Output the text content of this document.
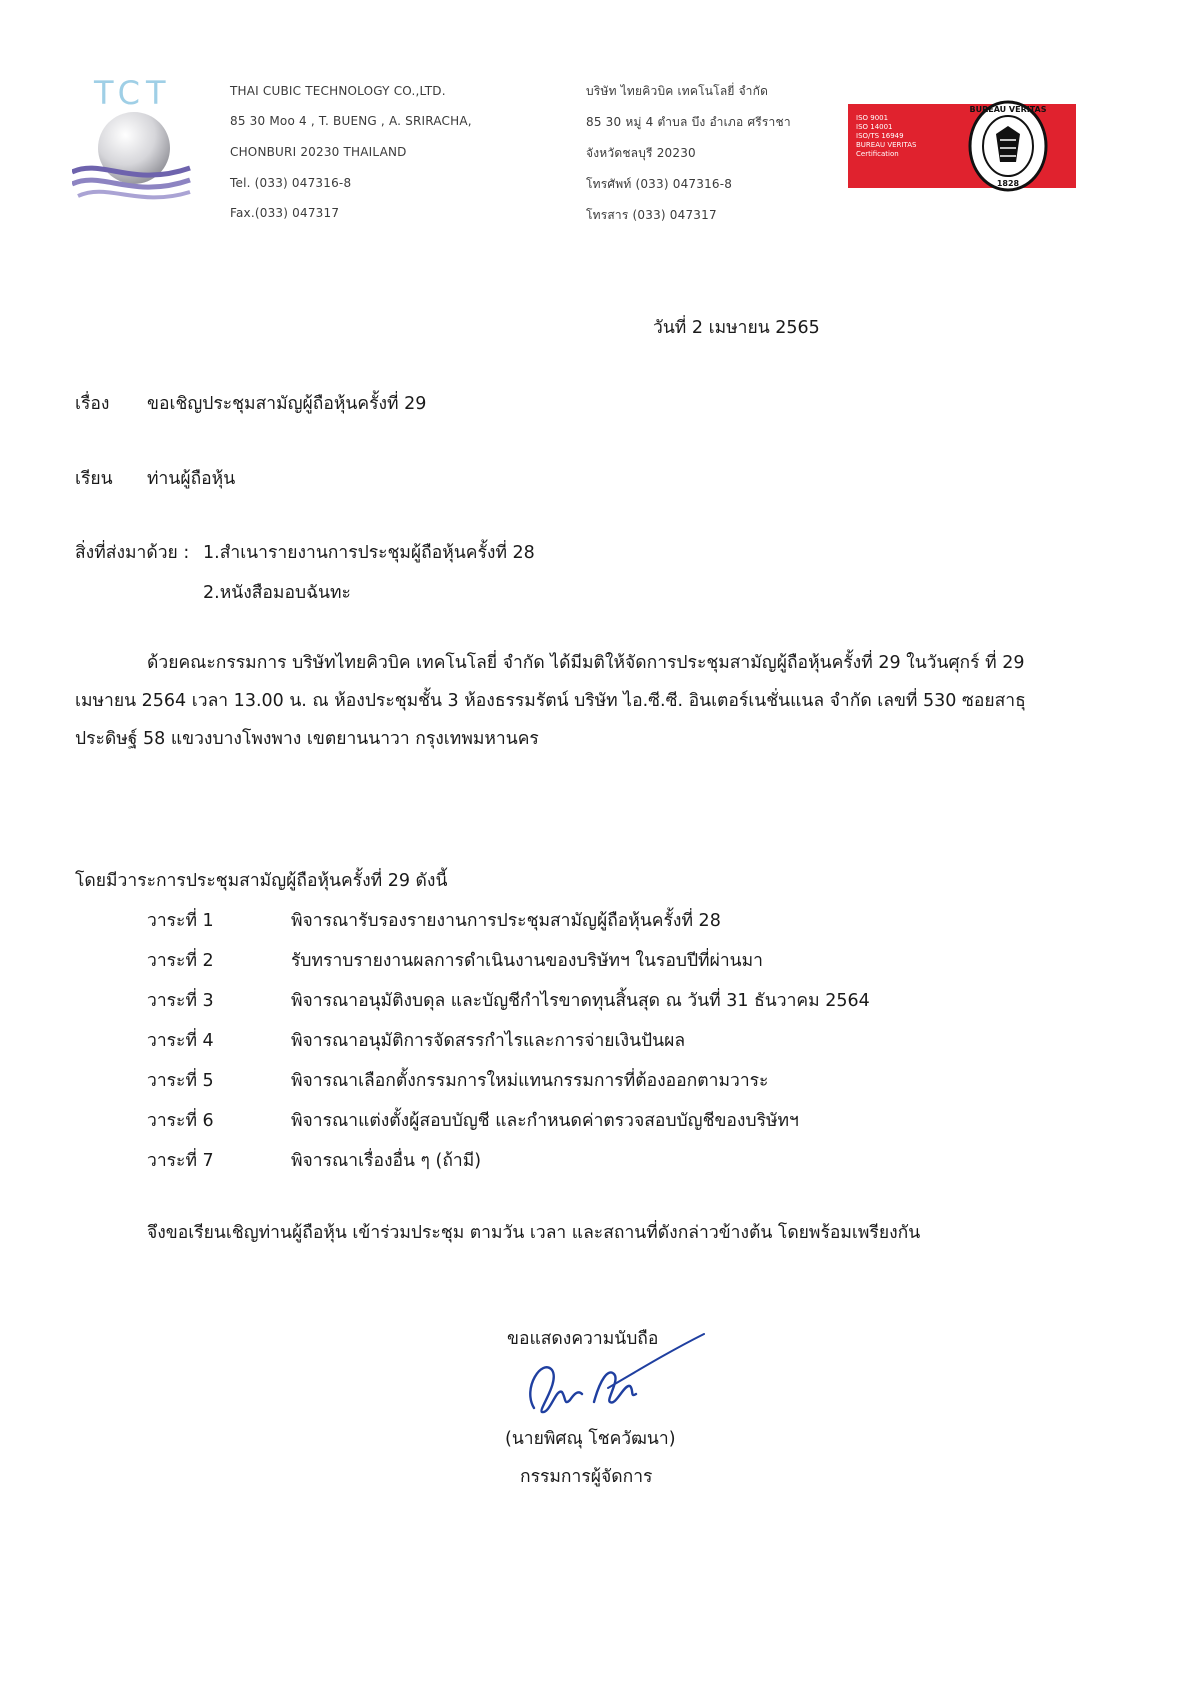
TCT	THAI CUBIC TECHNOLOGY CO.,LTD.
85 30 Moo 4 , T. BUENG , A. SRIRACHA,
CHONBURI 20230 THAILAND
Tel. (033) 047316-8
Fax.(033) 047317
บริษัท ไทยคิวบิค เทคโนโลยี่ จำกัด
85 30 หมู่ 4 ตำบล บึง อำเภอ ศรีราชา
จังหวัดชลบุรี 20230
โทรศัพท์ (033) 047316-8
โทรสาร (033) 047317
ISO 9001
ISO 14001
ISO/TS 16949
BUREAU VERITAS
Certification
BUREAU VERITAS
1828
วันที่ 2 เมษายน 2565
เรื่อง ขอเชิญประชุมสามัญผู้ถือหุ้นครั้งที่ 29
เรียน ท่านผู้ถือหุ้น
สิ่งที่ส่งมาด้วย : 1.สำเนารายงานการประชุมผู้ถือหุ้นครั้งที่ 28
2.หนังสือมอบฉันทะ
ด้วยคณะกรรมการ บริษัทไทยคิวบิค เทคโนโลยี่ จำกัด ได้มีมติให้จัดการประชุมสามัญผู้ถือหุ้นครั้งที่ 29 ในวันศุกร์ ที่ 29
เมษายน 2564 เวลา 13.00 น. ณ ห้องประชุมชั้น 3 ห้องธรรมรัตน์ บริษัท ไอ.ซี.ซี. อินเตอร์เนชั่นแนล จำกัด เลขที่ 530 ซอยสาธุ
ประดิษฐ์ 58 แขวงบางโพงพาง เขตยานนาวา กรุงเทพมหานคร
โดยมีวาระการประชุมสามัญผู้ถือหุ้นครั้งที่ 29 ดังนี้
วาระที่ 1	พิจารณารับรองรายงานการประชุมสามัญผู้ถือหุ้นครั้งที่ 28
วาระที่ 2	รับทราบรายงานผลการดำเนินงานของบริษัทฯ ในรอบปีที่ผ่านมา
วาระที่ 3	พิจารณาอนุมัติงบดุล และบัญชีกำไรขาดทุนสิ้นสุด ณ วันที่ 31 ธันวาคม 2564
วาระที่ 4	พิจารณาอนุมัติการจัดสรรกำไรและการจ่ายเงินปันผล
วาระที่ 5	พิจารณาเลือกตั้งกรรมการใหม่แทนกรรมการที่ต้องออกตามวาระ
วาระที่ 6	พิจารณาแต่งตั้งผู้สอบบัญชี และกำหนดค่าตรวจสอบบัญชีของบริษัทฯ
วาระที่ 7	พิจารณาเรื่องอื่น ๆ (ถ้ามี)
จึงขอเรียนเชิญท่านผู้ถือหุ้น เข้าร่วมประชุม ตามวัน เวลา และสถานที่ดังกล่าวข้างต้น โดยพร้อมเพรียงกัน
ขอแสดงความนับถือ
(นายพิศณุ โชควัฒนา)
กรรมการผู้จัดการ
